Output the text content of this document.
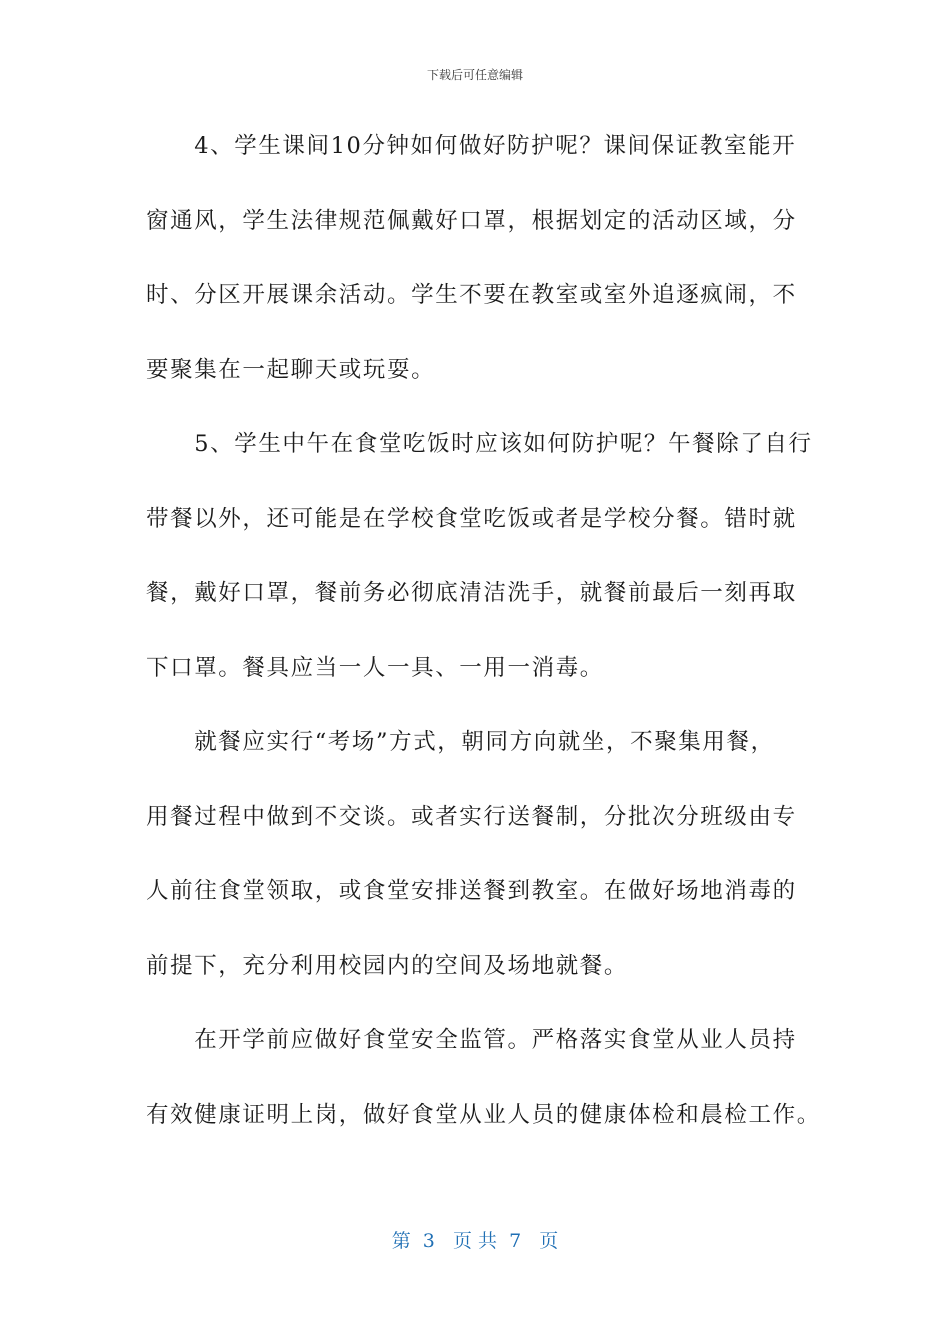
下载后可任意编辑
　　4、学生课间10分钟如何做好防护呢？课间保证教室能开
窗通风，学生法律规范佩戴好口罩，根据划定的活动区域，分
时、分区开展课余活动。学生不要在教室或室外追逐疯闹，不
要聚集在一起聊天或玩耍。
　　5、学生中午在食堂吃饭时应该如何防护呢？午餐除了自行
带餐以外，还可能是在学校食堂吃饭或者是学校分餐。错时就
餐，戴好口罩，餐前务必彻底清洁洗手，就餐前最后一刻再取
下口罩。餐具应当一人一具、一用一消毒。
　　就餐应实行“考场”方式，朝同方向就坐，不聚集用餐，
用餐过程中做到不交谈。或者实行送餐制，分批次分班级由专
人前往食堂领取，或食堂安排送餐到教室。在做好场地消毒的
前提下，充分利用校园内的空间及场地就餐。
　　在开学前应做好食堂安全监管。严格落实食堂从业人员持
有效健康证明上岗，做好食堂从业人员的健康体检和晨检工作。
第  3   页 共  7   页
